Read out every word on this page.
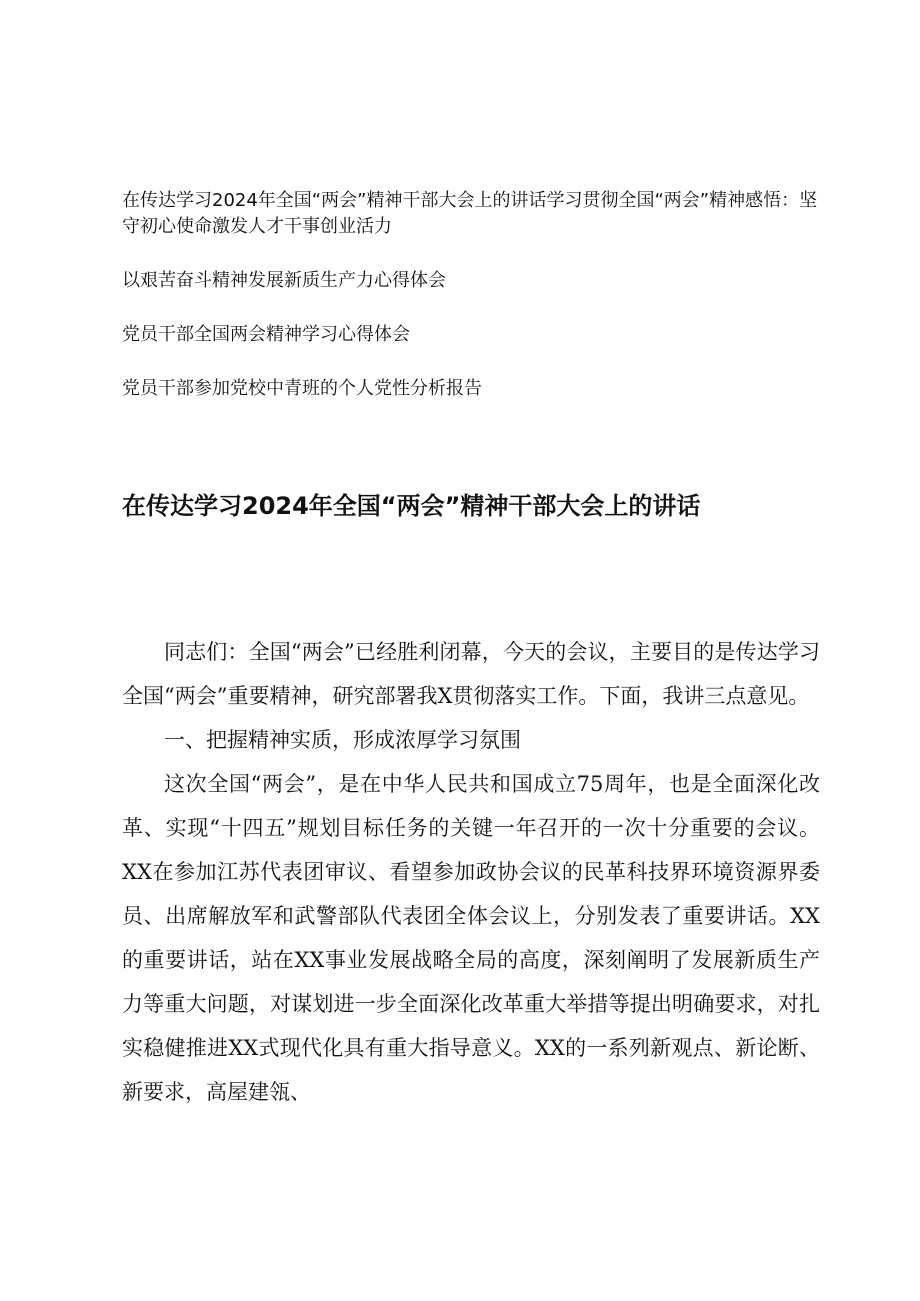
在传达学习2024年全国“两会”精神干部大会上的讲话学习贯彻全国“两会”精神感悟：坚守初心使命激发人才干事创业活力

以艰苦奋斗精神发展新质生产力心得体会

党员干部全国两会精神学习心得体会

党员干部参加党校中青班的个人党性分析报告

在传达学习2024年全国“两会”精神干部大会上的讲话

同志们：全国“两会”已经胜利闭幕，今天的会议，主要目的是传达学习全国“两会”重要精神，研究部署我X贯彻落实工作。下面，我讲三点意见。

一、把握精神实质，形成浓厚学习氛围

这次全国“两会”，是在中华人民共和国成立75周年，也是全面深化改革、实现“十四五”规划目标任务的关键一年召开的一次十分重要的会议。XX在参加江苏代表团审议、看望参加政协会议的民革科技界环境资源界委员、出席解放军和武警部队代表团全体会议上，分别发表了重要讲话。XX的重要讲话，站在XX事业发展战略全局的高度，深刻阐明了发展新质生产力等重大问题，对谋划进一步全面深化改革重大举措等提出明确要求，对扎实稳健推进XX式现代化具有重大指导意义。XX的一系列新观点、新论断、新要求，高屋建瓴、
